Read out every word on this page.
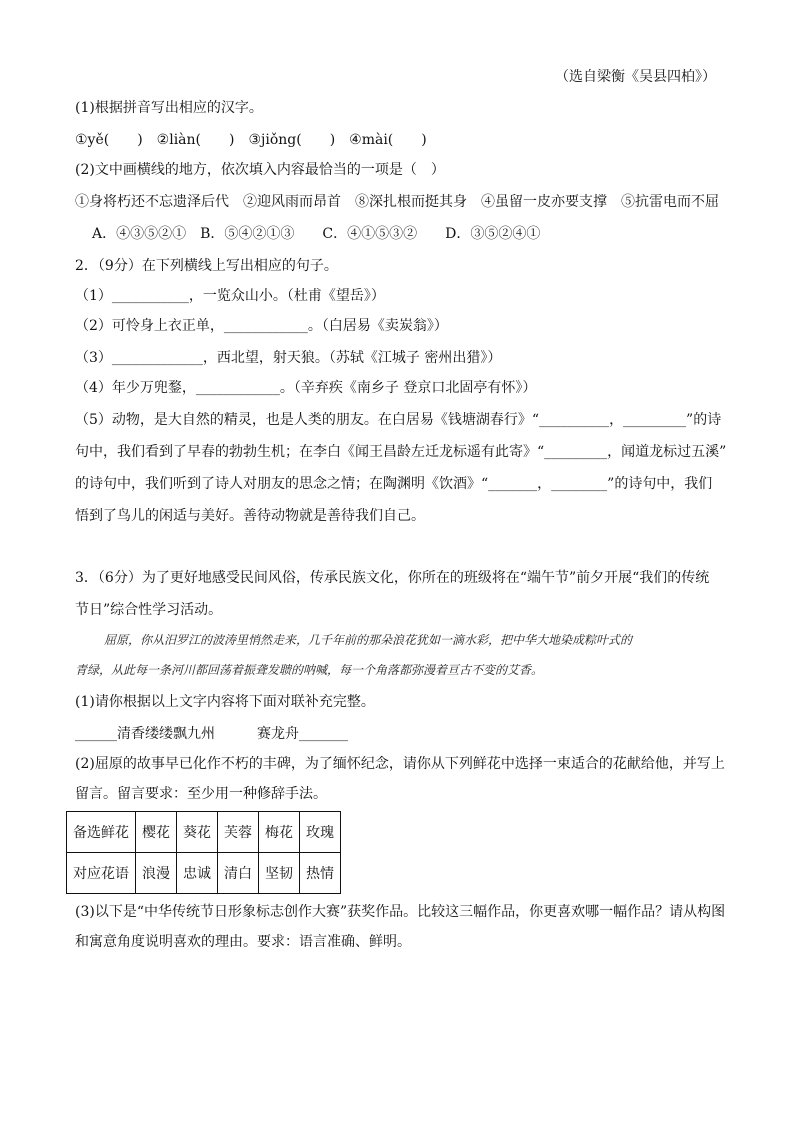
（选自梁衡《吴县四柏》）
(1)根据拼音写出相应的汉字。
①yě(　　)　②liàn(　　)　③jiǒng(　　)　④mài(　　)
(2)文中画横线的地方，依次填入内容最恰当的一项是（　）
①身将朽还不忘遗泽后代　②迎风雨而昂首　⑧深扎根而挺其身　④虽留一皮亦要支撑　⑤抗雷电而不屈
A．④③⑤②①　B．⑤④②①③　　C．④①⑤③②　　D．③⑤②④①
2．（9分）在下列横线上写出相应的句子。
（1）___________，一览众山小。（杜甫《望岳》）
（2）可怜身上衣正单，____________。（白居易《卖炭翁》）
（3）_____________，西北望，射天狼。（苏轼《江城子 密州出猎》）
（4）年少万兜鍪，____________。（辛弃疾《南乡子 登京口北固亭有怀》）
（5）动物，是大自然的精灵，也是人类的朋友。在白居易《钱塘湖春行》“__________，_________”的诗
句中，我们看到了早春的勃勃生机；在李白《闻王昌龄左迁龙标遥有此寄》“_________，闻道龙标过五溪”
的诗句中，我们听到了诗人对朋友的思念之情；在陶渊明《饮酒》“_______，________”的诗句中，我们
悟到了鸟儿的闲适与美好。善待动物就是善待我们自己。
3．（6分）为了更好地感受民间风俗，传承民族文化，你所在的班级将在“端午节”前夕开展“我们的传统
节日”综合性学习活动。
屈原，你从汨罗江的波涛里悄然走来，几千年前的那朵浪花犹如一滴水彩，把中华大地染成粽叶式的
青绿，从此每一条河川都回荡着振聋发聩的呐喊，每一个角落都弥漫着亘古不变的艾香。
(1)请你根据以上文字内容将下面对联补充完整。
______清香缕缕飘九州　　　赛龙舟_______
(2)屈原的故事早已化作不朽的丰碑，为了缅怀纪念，请你从下列鲜花中选择一束适合的花献给他，并写上
留言。留言要求：至少用一种修辞手法。
备选鲜花	樱花	葵花	芙蓉	梅花	玫瑰
对应花语	浪漫	忠诚	清白	坚韧	热情
(3)以下是“中华传统节日形象标志创作大赛”获奖作品。比较这三幅作品，你更喜欢哪一幅作品？请从构图
和寓意角度说明喜欢的理由。要求：语言准确、鲜明。
